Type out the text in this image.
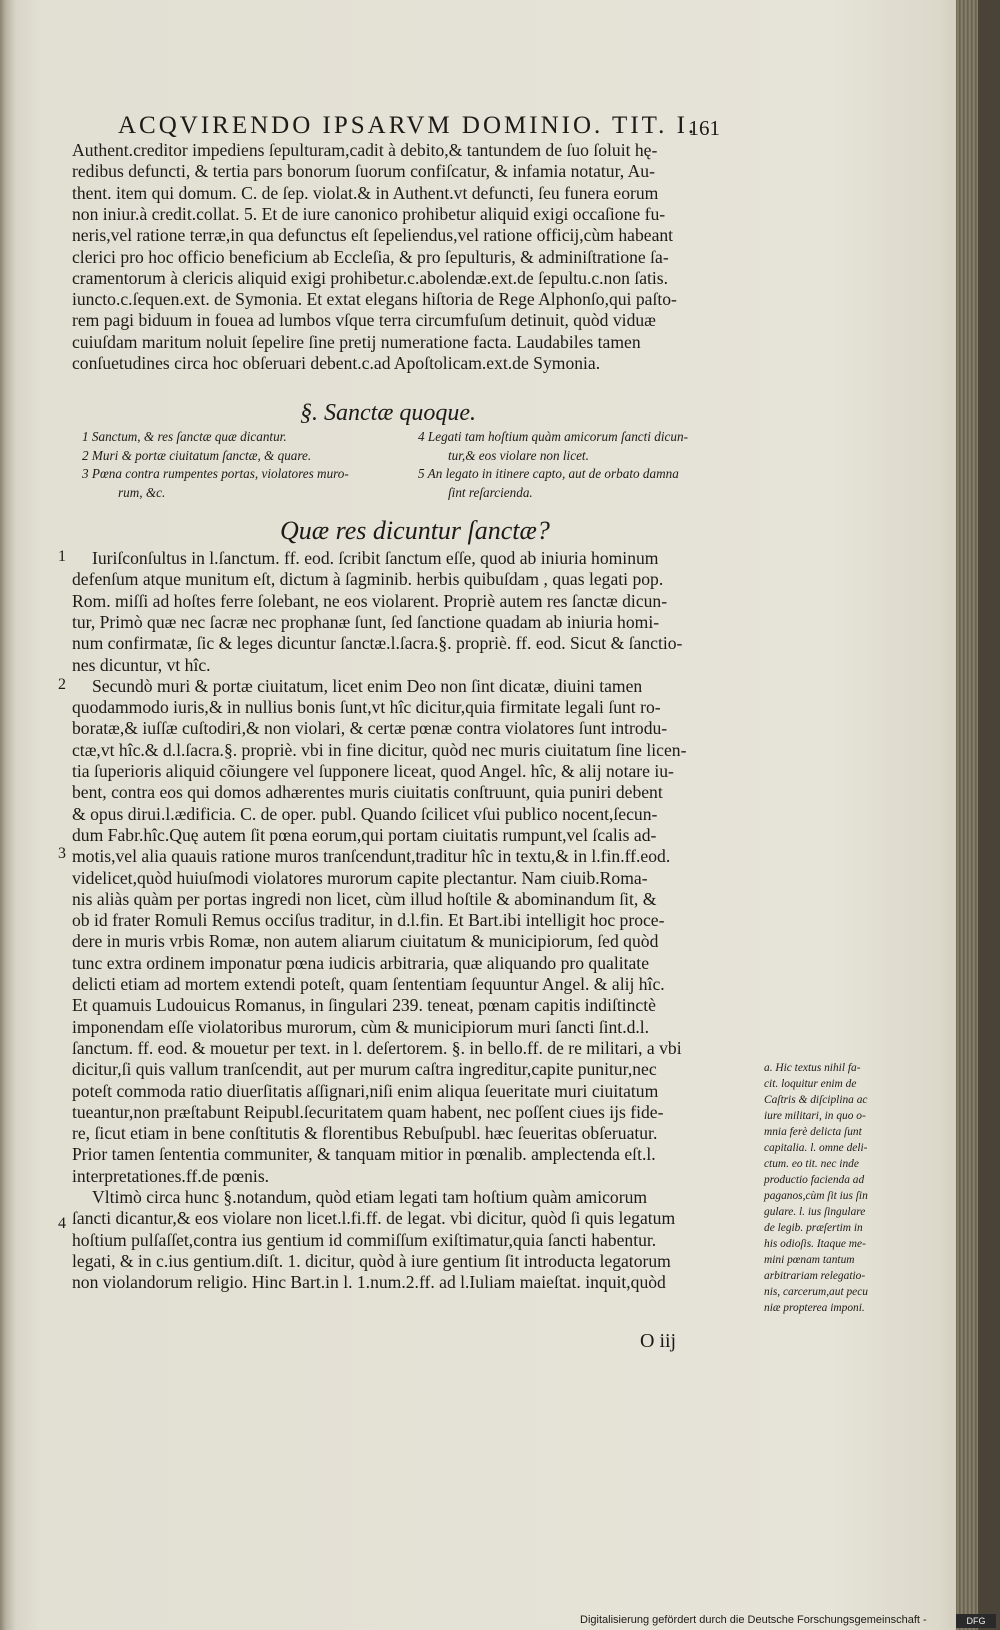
ACQVIRENDO IPSARVM DOMINIO. TIT. I.
161
Authent.creditor impediens ſepulturam,cadit à debito,& tantundem de ſuo ſoluit hę-
redibus defuncti, & tertia pars bonorum ſuorum confiſcatur, & infamia notatur, Au-
thent. item qui domum. C. de ſep. violat.& in Authent.vt defuncti, ſeu funera eorum
non iniur.à credit.collat. 5. Et de iure canonico prohibetur aliquid exigi occaſione fu-
neris,vel ratione terræ,in qua defunctus eſt ſepeliendus,vel ratione officij,cùm habeant
clerici pro hoc officio beneficium ab Eccleſia, & pro ſepulturis, & adminiſtratione ſa-
cramentorum à clericis aliquid exigi prohibetur.c.abolendæ.ext.de ſepultu.c.non ſatis.
iuncto.c.ſequen.ext. de Symonia. Et extat elegans hiſtoria de Rege Alphonſo,qui paſto-
rem pagi biduum in fouea ad lumbos vſque terra circumfuſum detinuit, quòd viduæ
cuiuſdam maritum noluit ſepelire ſine pretij numeratione facta. Laudabiles tamen
conſuetudines circa hoc obſeruari debent.c.ad Apoſtolicam.ext.de Symonia.
§. Sanctæ quoque.
1 Sanctum, & res ſanctæ quæ dicantur.
2 Muri & portæ ciuitatum ſanctæ, & quare.
3 Pœna contra rumpentes portas, violatores muro-
rum, &c.
4 Legati tam hoſtium quàm amicorum ſancti dicun-
tur,& eos violare non licet.
5 An legato in itinere capto, aut de orbato damna
ſint reſarcienda.
Quæ res dicuntur ſanctæ?
Iuriſconſultus in l.ſanctum. ff. eod. ſcribit ſanctum eſſe, quod ab iniuria hominum
defenſum atque munitum eſt, dictum à ſagminib. herbis quibuſdam , quas legati pop.
Rom. miſſi ad hoſtes ferre ſolebant, ne eos violarent. Propriè autem res ſanctæ dicun-
tur, Primò quæ nec ſacræ nec prophanæ ſunt, ſed ſanctione quadam ab iniuria homi-
num confirmatæ, ſic & leges dicuntur ſanctæ.l.ſacra.§. propriè. ff. eod. Sicut & ſanctio-
nes dicuntur, vt hîc.
Secundò muri & portæ ciuitatum, licet enim Deo non ſint dicatæ, diuini tamen
quodammodo iuris,& in nullius bonis ſunt,vt hîc dicitur,quia firmitate legali ſunt ro-
boratæ,& iuſſæ cuſtodiri,& non violari, & certæ pœnæ contra violatores ſunt introdu-
ctæ,vt hîc.& d.l.ſacra.§. propriè. vbi in fine dicitur, quòd nec muris ciuitatum ſine licen-
tia ſuperioris aliquid cõiungere vel ſupponere liceat, quod Angel. hîc, & alij notare iu-
bent, contra eos qui domos adhærentes muris ciuitatis conſtruunt, quia puniri debent
& opus dirui.l.ædificia. C. de oper. publ. Quando ſcilicet vſui publico nocent,ſecun-
dum Fabr.hîc.Quę autem ſit pœna eorum,qui portam ciuitatis rumpunt,vel ſcalis ad-
motis,vel alia quauis ratione muros tranſcendunt,traditur hîc in textu,& in l.fin.ff.eod.
videlicet,quòd huiuſmodi violatores murorum capite plectantur. Nam ciuib.Roma-
nis aliàs quàm per portas ingredi non licet, cùm illud hoſtile & abominandum ſit, &
ob id frater Romuli Remus occiſus traditur, in d.l.fin. Et Bart.ibi intelligit hoc proce-
dere in muris vrbis Romæ, non autem aliarum ciuitatum & municipiorum, ſed quòd
tunc extra ordinem imponatur pœna iudicis arbitraria, quæ aliquando pro qualitate
delicti etiam ad mortem extendi poteſt, quam ſententiam ſequuntur Angel. & alij hîc.
Et quamuis Ludouicus Romanus, in ſingulari 239. teneat, pœnam capitis indiſtinctè
imponendam eſſe violatoribus murorum, cùm & municipiorum muri ſancti ſint.d.l.
ſanctum. ff. eod. & mouetur per text. in l. deſertorem. §. in bello.ff. de re militari, a vbi
dicitur,ſi quis vallum tranſcendit, aut per murum caſtra ingreditur,capite punitur,nec
poteſt commoda ratio diuerſitatis aſſignari,niſi enim aliqua ſeueritate muri ciuitatum
tueantur,non præſtabunt Reipubl.ſecuritatem quam habent, nec poſſent ciues ijs fide-
re, ſicut etiam in bene conſtitutis & florentibus Rebuſpubl. hæc ſeueritas obſeruatur.
Prior tamen ſententia communiter, & tanquam mitior in pœnalib. amplectenda eſt.l.
interpretationes.ff.de pœnis.
Vltimò circa hunc §.notandum, quòd etiam legati tam hoſtium quàm amicorum
ſancti dicantur,& eos violare non licet.l.fi.ff. de legat. vbi dicitur, quòd ſi quis legatum
hoſtium pulſaſſet,contra ius gentium id commiſſum exiſtimatur,quia ſancti habentur.
legati, & in c.ius gentium.diſt. 1. dicitur, quòd à iure gentium ſit introducta legatorum
non violandorum religio. Hinc Bart.in l. 1.num.2.ff. ad l.Iuliam maieſtat. inquit,quòd
1
2
3
4
a. Hic textus nihil fa-
cit. loquitur enim de
Caſtris & diſciplina ac
iure militari, in quo o-
mnia ferè delicta ſunt
capitalia. l. omne deli-
ctum. eo tit. nec inde
productio facienda ad
paganos,cùm ſit ius ſin
gulare. l. ius ſingulare
de legib. præſertim in
his odioſis. Itaque me-
mini pœnam tantum
arbitrariam relegatio-
nis, carcerum,aut pecu
niæ propterea imponi.
O iij
Digitalisierung gefördert durch die Deutsche Forschungsgemeinschaft -	DFG
